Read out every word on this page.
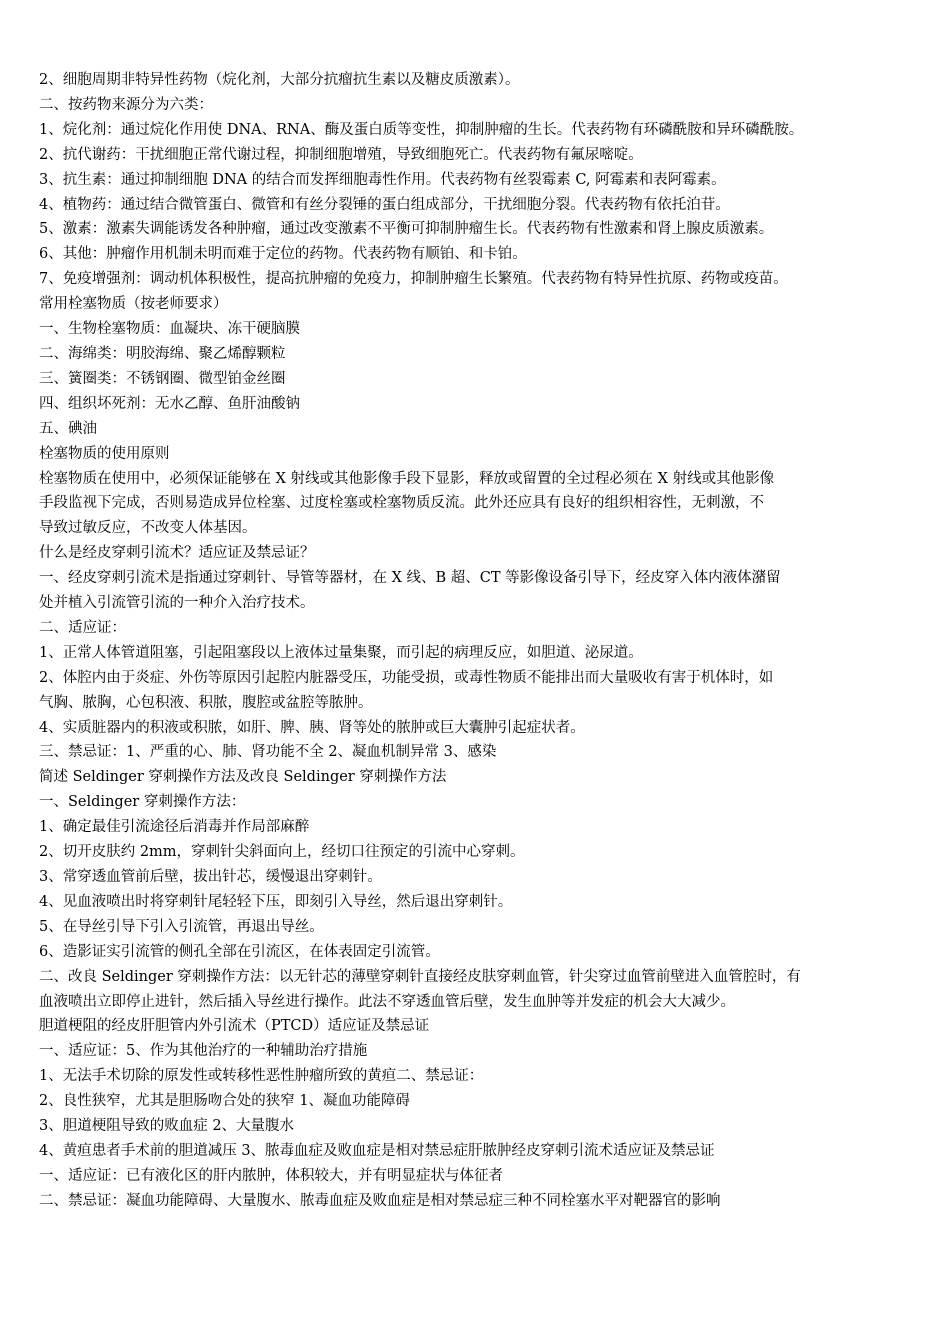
2、细胞周期非特异性药物（烷化剂，大部分抗瘤抗生素以及糖皮质激素）。
二、按药物来源分为六类：
1、烷化剂：通过烷化作用使 DNA、RNA、酶及蛋白质等变性，抑制肿瘤的生长。代表药物有环磷酰胺和异环磷酰胺。
2、抗代谢药：干扰细胞正常代谢过程，抑制细胞增殖，导致细胞死亡。代表药物有氟尿嘧啶。
3、抗生素：通过抑制细胞 DNA 的结合而发挥细胞毒性作用。代表药物有丝裂霉素 C, 阿霉素和表阿霉素。
4、植物药：通过结合微管蛋白、微管和有丝分裂锤的蛋白组成部分，干扰细胞分裂。代表药物有依托泊苷。
5、激素：激素失调能诱发各种肿瘤，通过改变激素不平衡可抑制肿瘤生长。代表药物有性激素和肾上腺皮质激素。
6、其他：肿瘤作用机制未明而难于定位的药物。代表药物有顺铂、和卡铂。
7、免疫增强剂：调动机体积极性，提高抗肿瘤的免疫力，抑制肿瘤生长繁殖。代表药物有特异性抗原、药物或疫苗。
常用栓塞物质（按老师要求）
一、生物栓塞物质：血凝块、冻干硬脑膜
二、海绵类：明胶海绵、聚乙烯醇颗粒
三、簧圈类：不锈钢圈、微型铂金丝圈
四、组织坏死剂：无水乙醇、鱼肝油酸钠
五、碘油
栓塞物质的使用原则
栓塞物质在使用中，必须保证能够在 X 射线或其他影像手段下显影，释放或留置的全过程必须在 X 射线或其他影像
手段监视下完成，否则易造成异位栓塞、过度栓塞或栓塞物质反流。此外还应具有良好的组织相容性，无刺激，不
导致过敏反应，不改变人体基因。
什么是经皮穿刺引流术？适应证及禁忌证？
一、经皮穿刺引流术是指通过穿刺针、导管等器材，在 X 线、B 超、CT 等影像设备引导下，经皮穿入体内液体潴留
处并植入引流管引流的一种介入治疗技术。
二、适应证：
1、正常人体管道阻塞，引起阻塞段以上液体过量集聚，而引起的病理反应，如胆道、泌尿道。
2、体腔内由于炎症、外伤等原因引起腔内脏器受压，功能受损，或毒性物质不能排出而大量吸收有害于机体时，如
气胸、脓胸，心包积液、积脓，腹腔或盆腔等脓肿。
4、实质脏器内的积液或积脓，如肝、脾、胰、肾等处的脓肿或巨大囊肿引起症状者。
三、禁忌证：1、严重的心、肺、肾功能不全 2、凝血机制异常 3、感染
简述 Seldinger 穿刺操作方法及改良 Seldinger 穿刺操作方法
一、Seldinger 穿刺操作方法：
1、确定最佳引流途径后消毒并作局部麻醉
2、切开皮肤约 2mm，穿刺针尖斜面向上，经切口往预定的引流中心穿刺。
3、常穿透血管前后壁，拔出针芯，缓慢退出穿刺针。
4、见血液喷出时将穿刺针尾轻轻下压，即刻引入导丝，然后退出穿刺针。
5、在导丝引导下引入引流管，再退出导丝。
6、造影证实引流管的侧孔全部在引流区，在体表固定引流管。
二、改良 Seldinger 穿刺操作方法：以无针芯的薄壁穿刺针直接经皮肤穿刺血管，针尖穿过血管前壁进入血管腔时，有
血液喷出立即停止进针，然后插入导丝进行操作。此法不穿透血管后壁，发生血肿等并发症的机会大大减少。
胆道梗阻的经皮肝胆管内外引流术（PTCD）适应证及禁忌证
一、适应证：5、作为其他治疗的一种辅助治疗措施
1、无法手术切除的原发性或转移性恶性肿瘤所致的黄疸二、禁忌证：
2、良性狭窄，尤其是胆肠吻合处的狭窄 1、凝血功能障碍
3、胆道梗阻导致的败血症 2、大量腹水
4、黄疸患者手术前的胆道减压 3、脓毒血症及败血症是相对禁忌症肝脓肿经皮穿刺引流术适应证及禁忌证
一、适应证：已有液化区的肝内脓肿，体积较大，并有明显症状与体征者
二、禁忌证：凝血功能障碍、大量腹水、脓毒血症及败血症是相对禁忌症三种不同栓塞水平对靶器官的影响
